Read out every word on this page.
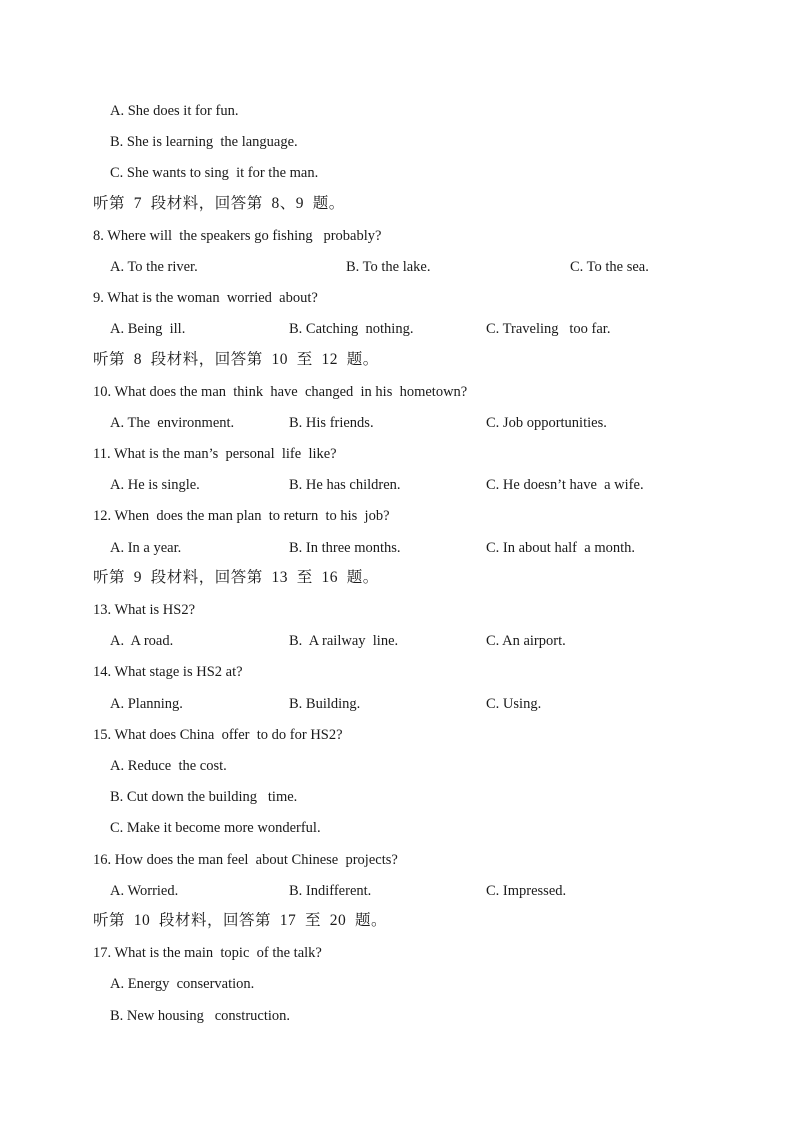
A. She does it for fun.
B. She is learning  the language.
C. She wants to sing  it for the man.
听第  7  段材料，回答第  8、9  题。
8. Where will  the speakers go fishing   probably?
A. To the river.	B. To the lake.	C. To the sea.
9. What is the woman  worried  about?
A. Being  ill.	B. Catching  nothing.	C. Traveling   too far.
听第  8  段材料，回答第  10  至  12  题。
10. What does the man  think  have  changed  in his  hometown?
A. The  environment.	B. His friends.	C. Job opportunities.
11. What is the man’s  personal  life  like?
A. He is single.	B. He has children.	C. He doesn’t have  a wife.
12. When  does the man plan  to return  to his  job?
A. In a year.	B. In three months.	C. In about half  a month.
听第  9  段材料，回答第  13  至  16  题。
13. What is HS2?
A.  A road.	B.  A railway  line.	C. An airport.
14. What stage is HS2 at?
A. Planning.	B. Building.	C. Using.
15. What does China  offer  to do for HS2?
A. Reduce  the cost.
B. Cut down the building   time.
C. Make it become more wonderful.
16. How does the man feel  about Chinese  projects?
A. Worried.	B. Indifferent.	C. Impressed.
听第  10  段材料，回答第  17  至  20  题。
17. What is the main  topic  of the talk?
A. Energy  conservation.
B. New housing   construction.
